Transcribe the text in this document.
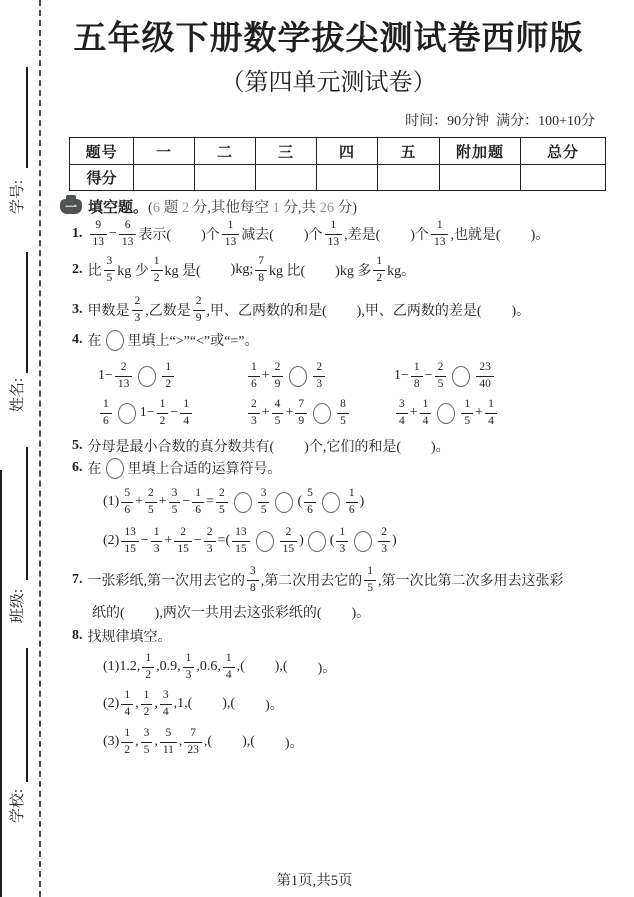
学号:
姓名:
班级:
学校:
五年级下册数学拔尖测试卷西师版
（第四单元测试卷）
时间：90分钟  满分：100+10分
题号	一	二	三	四	五	附加题	总分
得分							
一 填空题。 (6 题 2 分,其他每空 1 分,共 26 分)
1. $\frac{9}{13} - \frac{6}{13}$ 表示( )个 $\frac{1}{13}$ 减去( )个 $\frac{1}{13}$ ,差是( )个 $\frac{1}{13}$ ,也就是( )。
2. 比 $\frac{3}{5}$ kg 少 $\frac{1}{2}$ kg 是( )kg; $\frac{7}{8}$ kg 比( )kg 多 $\frac{1}{2}$ kg。
3. 甲数是 $\frac{2}{3}$ ,乙数是 $\frac{2}{9}$ ,甲、乙两数的和是( ),甲、乙两数的差是( )。
4. 在 里填上“>”“<”或“=”。
$1- \frac{2}{13}$	$\frac{1}{2}$	$\frac{1}{6} + \frac{2}{9}$	$\frac{2}{3}$	$1- \frac{1}{8} - \frac{2}{5}$	$\frac{23}{40}$
$\frac{1}{6} 1- \frac{1}{2} - \frac{1}{4}$	$\frac{2}{3} + \frac{4}{5} + \frac{7}{9}$	$\frac{8}{5}$	$\frac{3}{4} + \frac{1}{4}$	$\frac{1}{5} + \frac{1}{4}$
5. 分母是最小合数的真分数共有( )个,它们的和是( )。
6. 在 里填上合适的运算符号。
$(1) \frac{5}{6} + \frac{2}{5} + \frac{3}{5} - \frac{1}{6} = \frac{2}{5}$	$\frac{3}{5}$ ( $\frac{5}{6}$	$\frac{1}{6}$ )
$(2) \frac{13}{15} - \frac{1}{3} + \frac{2}{15} - \frac{2}{3}$ =( $\frac{13}{15}$	$\frac{2}{15}$ ) ( $\frac{1}{3}$	$\frac{2}{3}$ )
7. 一张彩纸,第一次用去它的 $\frac{3}{8}$ ,第二次用去它的 $\frac{1}{5}$ ,第一次比第二次多用去这张彩
纸的( ),两次一共用去这张彩纸的( )。
8. 找规律填空。
(1)1.2, $\frac{1}{2} ,0.9$, $\frac{1}{3} ,0.6$, $\frac{1}{4}$ ,( ),( )。
$(2) \frac{1}{4}$ , $\frac{1}{2}$ , $\frac{3}{4} ,1$,( ),( )。
$(3) \frac{1}{2}$ , $\frac{3}{5}$ , $\frac{5}{11}$ , $\frac{7}{23}$ ,( ),( )。
第1页,共5页
